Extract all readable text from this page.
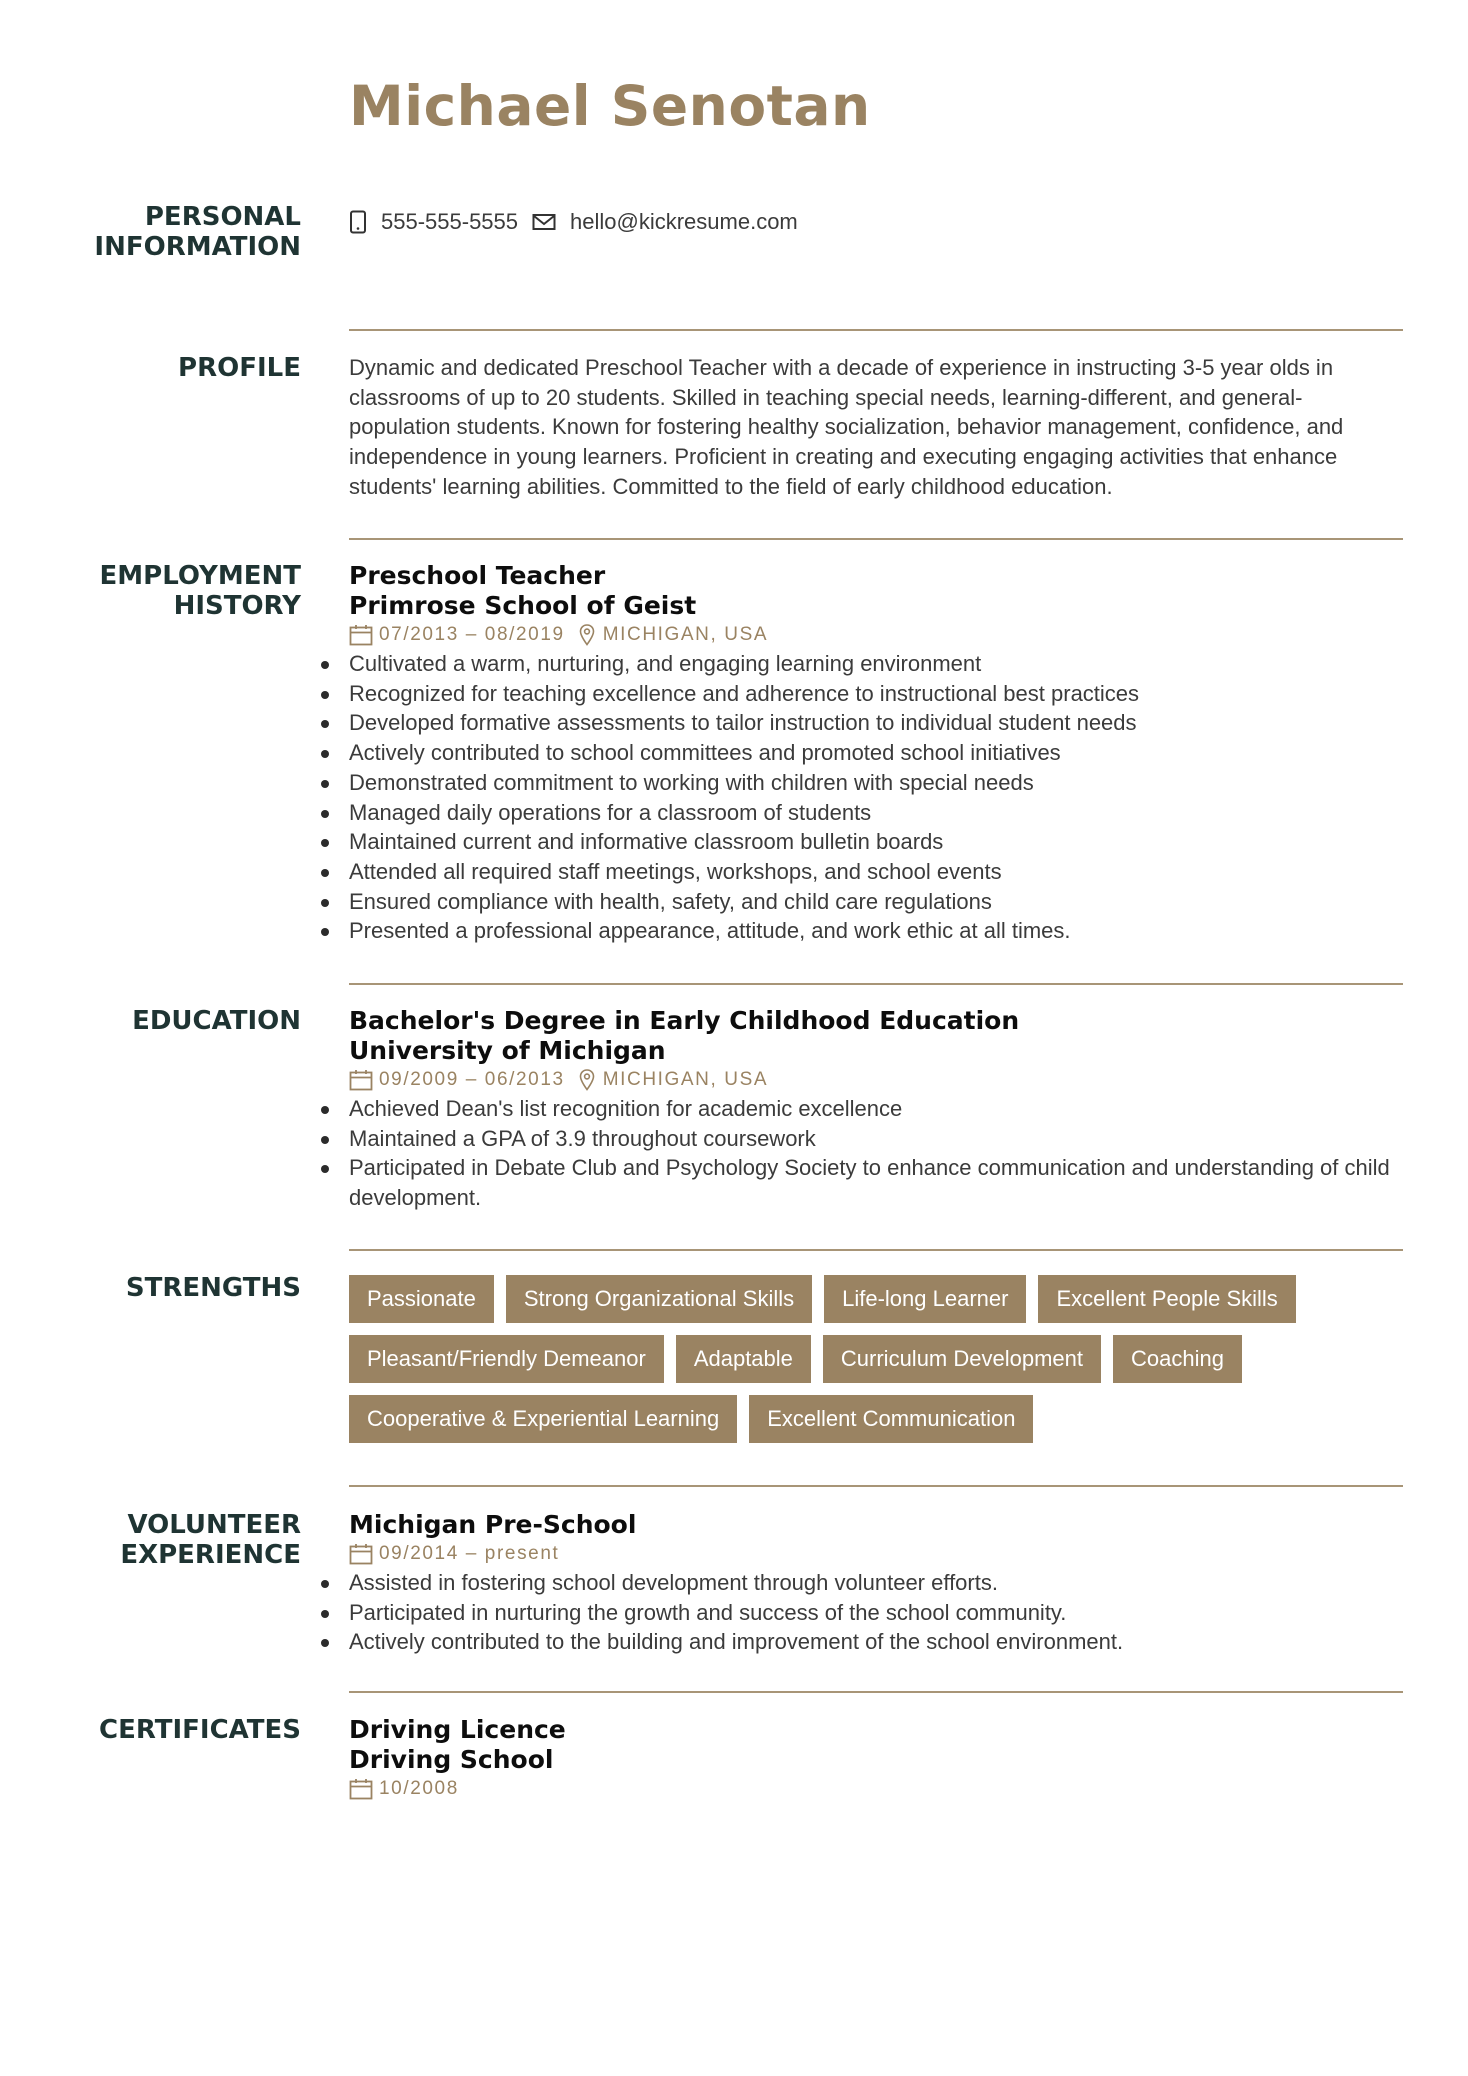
Michael Senotan
PERSONAL INFORMATION
555-555-5555 hello@kickresume.com
PROFILE Dynamic and dedicated Preschool Teacher with a decade of experience in instructing 3-5 year olds in classrooms of up to 20 students. Skilled in teaching special needs, learning-different, and general-population students. Known for fostering healthy socialization, behavior management, confidence, and independence in young learners. Proficient in creating and executing engaging activities that enhance students' learning abilities. Committed to the field of early childhood education.

EMPLOYMENT HISTORY
Preschool Teacher
Primrose School of Geist
07/2013 – 08/2019 MICHIGAN, USA
Cultivated a warm, nurturing, and engaging learning environment
Recognized for teaching excellence and adherence to instructional best practices
Developed formative assessments to tailor instruction to individual student needs
Actively contributed to school committees and promoted school initiatives
Demonstrated commitment to working with children with special needs
Managed daily operations for a classroom of students
Maintained current and informative classroom bulletin boards
Attended all required staff meetings, workshops, and school events
Ensured compliance with health, safety, and child care regulations
Presented a professional appearance, attitude, and work ethic at all times.
EDUCATION Bachelor's Degree in Early Childhood Education
University of Michigan
09/2009 – 06/2013 MICHIGAN, USA
Achieved Dean's list recognition for academic excellence
Maintained a GPA of 3.9 throughout coursework
Participated in Debate Club and Psychology Society to enhance communication and understanding of child development.
STRENGTHS	Passionate	Strong Organizational Skills	Life-long Learner	Excellent People Skills
Pleasant/Friendly Demeanor	Adaptable	Curriculum Development	Coaching
Cooperative & Experiential Learning	Excellent Communication
VOLUNTEER EXPERIENCE
Michigan Pre-School
09/2014 – present
Assisted in fostering school development through volunteer efforts.
Participated in nurturing the growth and success of the school community.
Actively contributed to the building and improvement of the school environment.
CERTIFICATES Driving Licence
Driving School
10/2008
